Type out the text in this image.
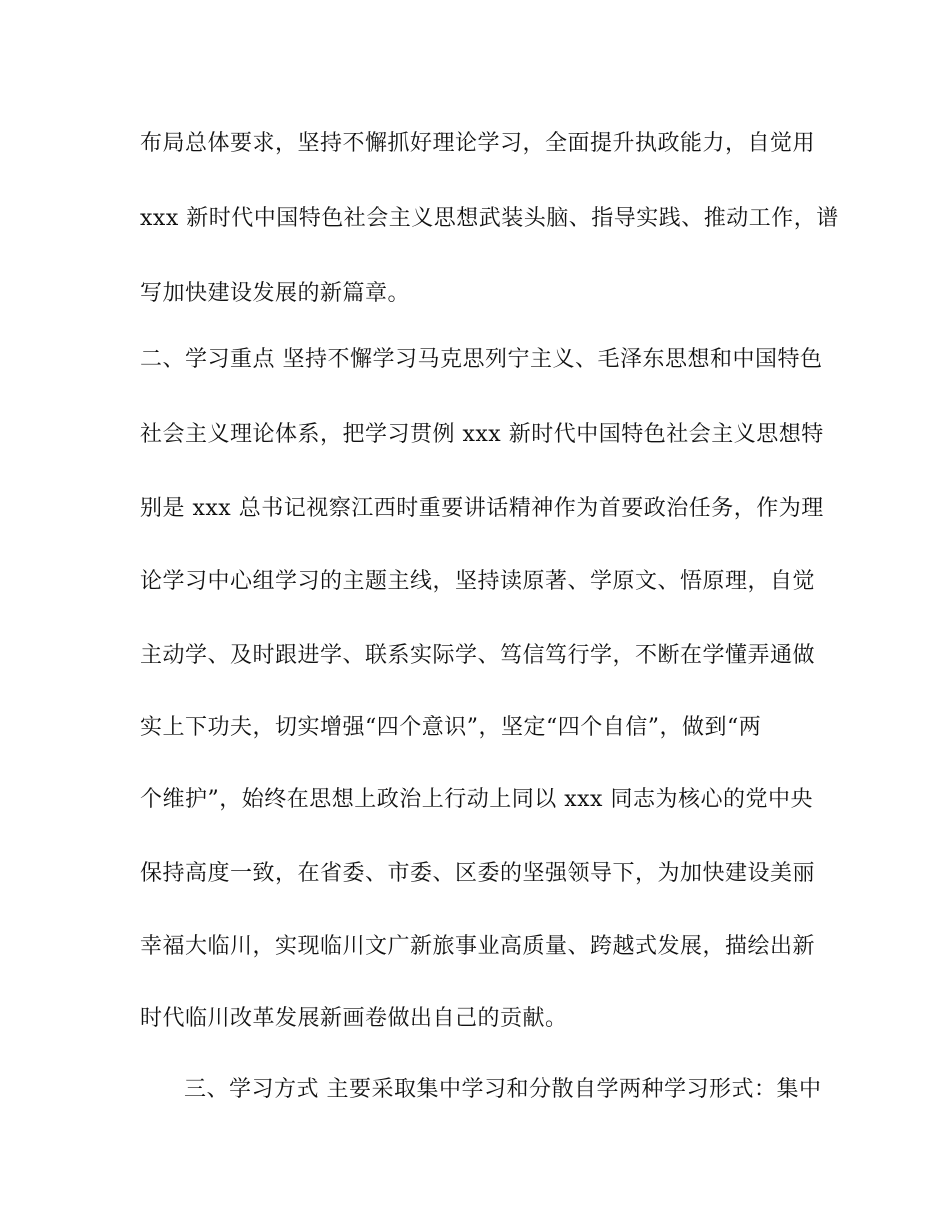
布局总体要求，坚持不懈抓好理论学习，全面提升执政能力，自觉用
xxx 新时代中国特色社会主义思想武装头脑、指导实践、推动工作，谱
写加快建设发展的新篇章。
二、学习重点 坚持不懈学习马克思列宁主义、毛泽东思想和中国特色
社会主义理论体系，把学习贯例 xxx 新时代中国特色社会主义思想特
别是 xxx 总书记视察江西时重要讲话精神作为首要政治任务，作为理
论学习中心组学习的主题主线，坚持读原著、学原文、悟原理，自觉
主动学、及时跟进学、联系实际学、笃信笃行学，不断在学懂弄通做
实上下功夫，切实增强“四个意识”，坚定“四个自信”，做到“两
个维护”，始终在思想上政治上行动上同以 xxx 同志为核心的党中央
保持高度一致，在省委、市委、区委的坚强领导下，为加快建设美丽
幸福大临川，实现临川文广新旅事业高质量、跨越式发展，描绘出新
时代临川改革发展新画卷做出自己的贡献。
三、学习方式 主要采取集中学习和分散自学两种学习形式：集中
